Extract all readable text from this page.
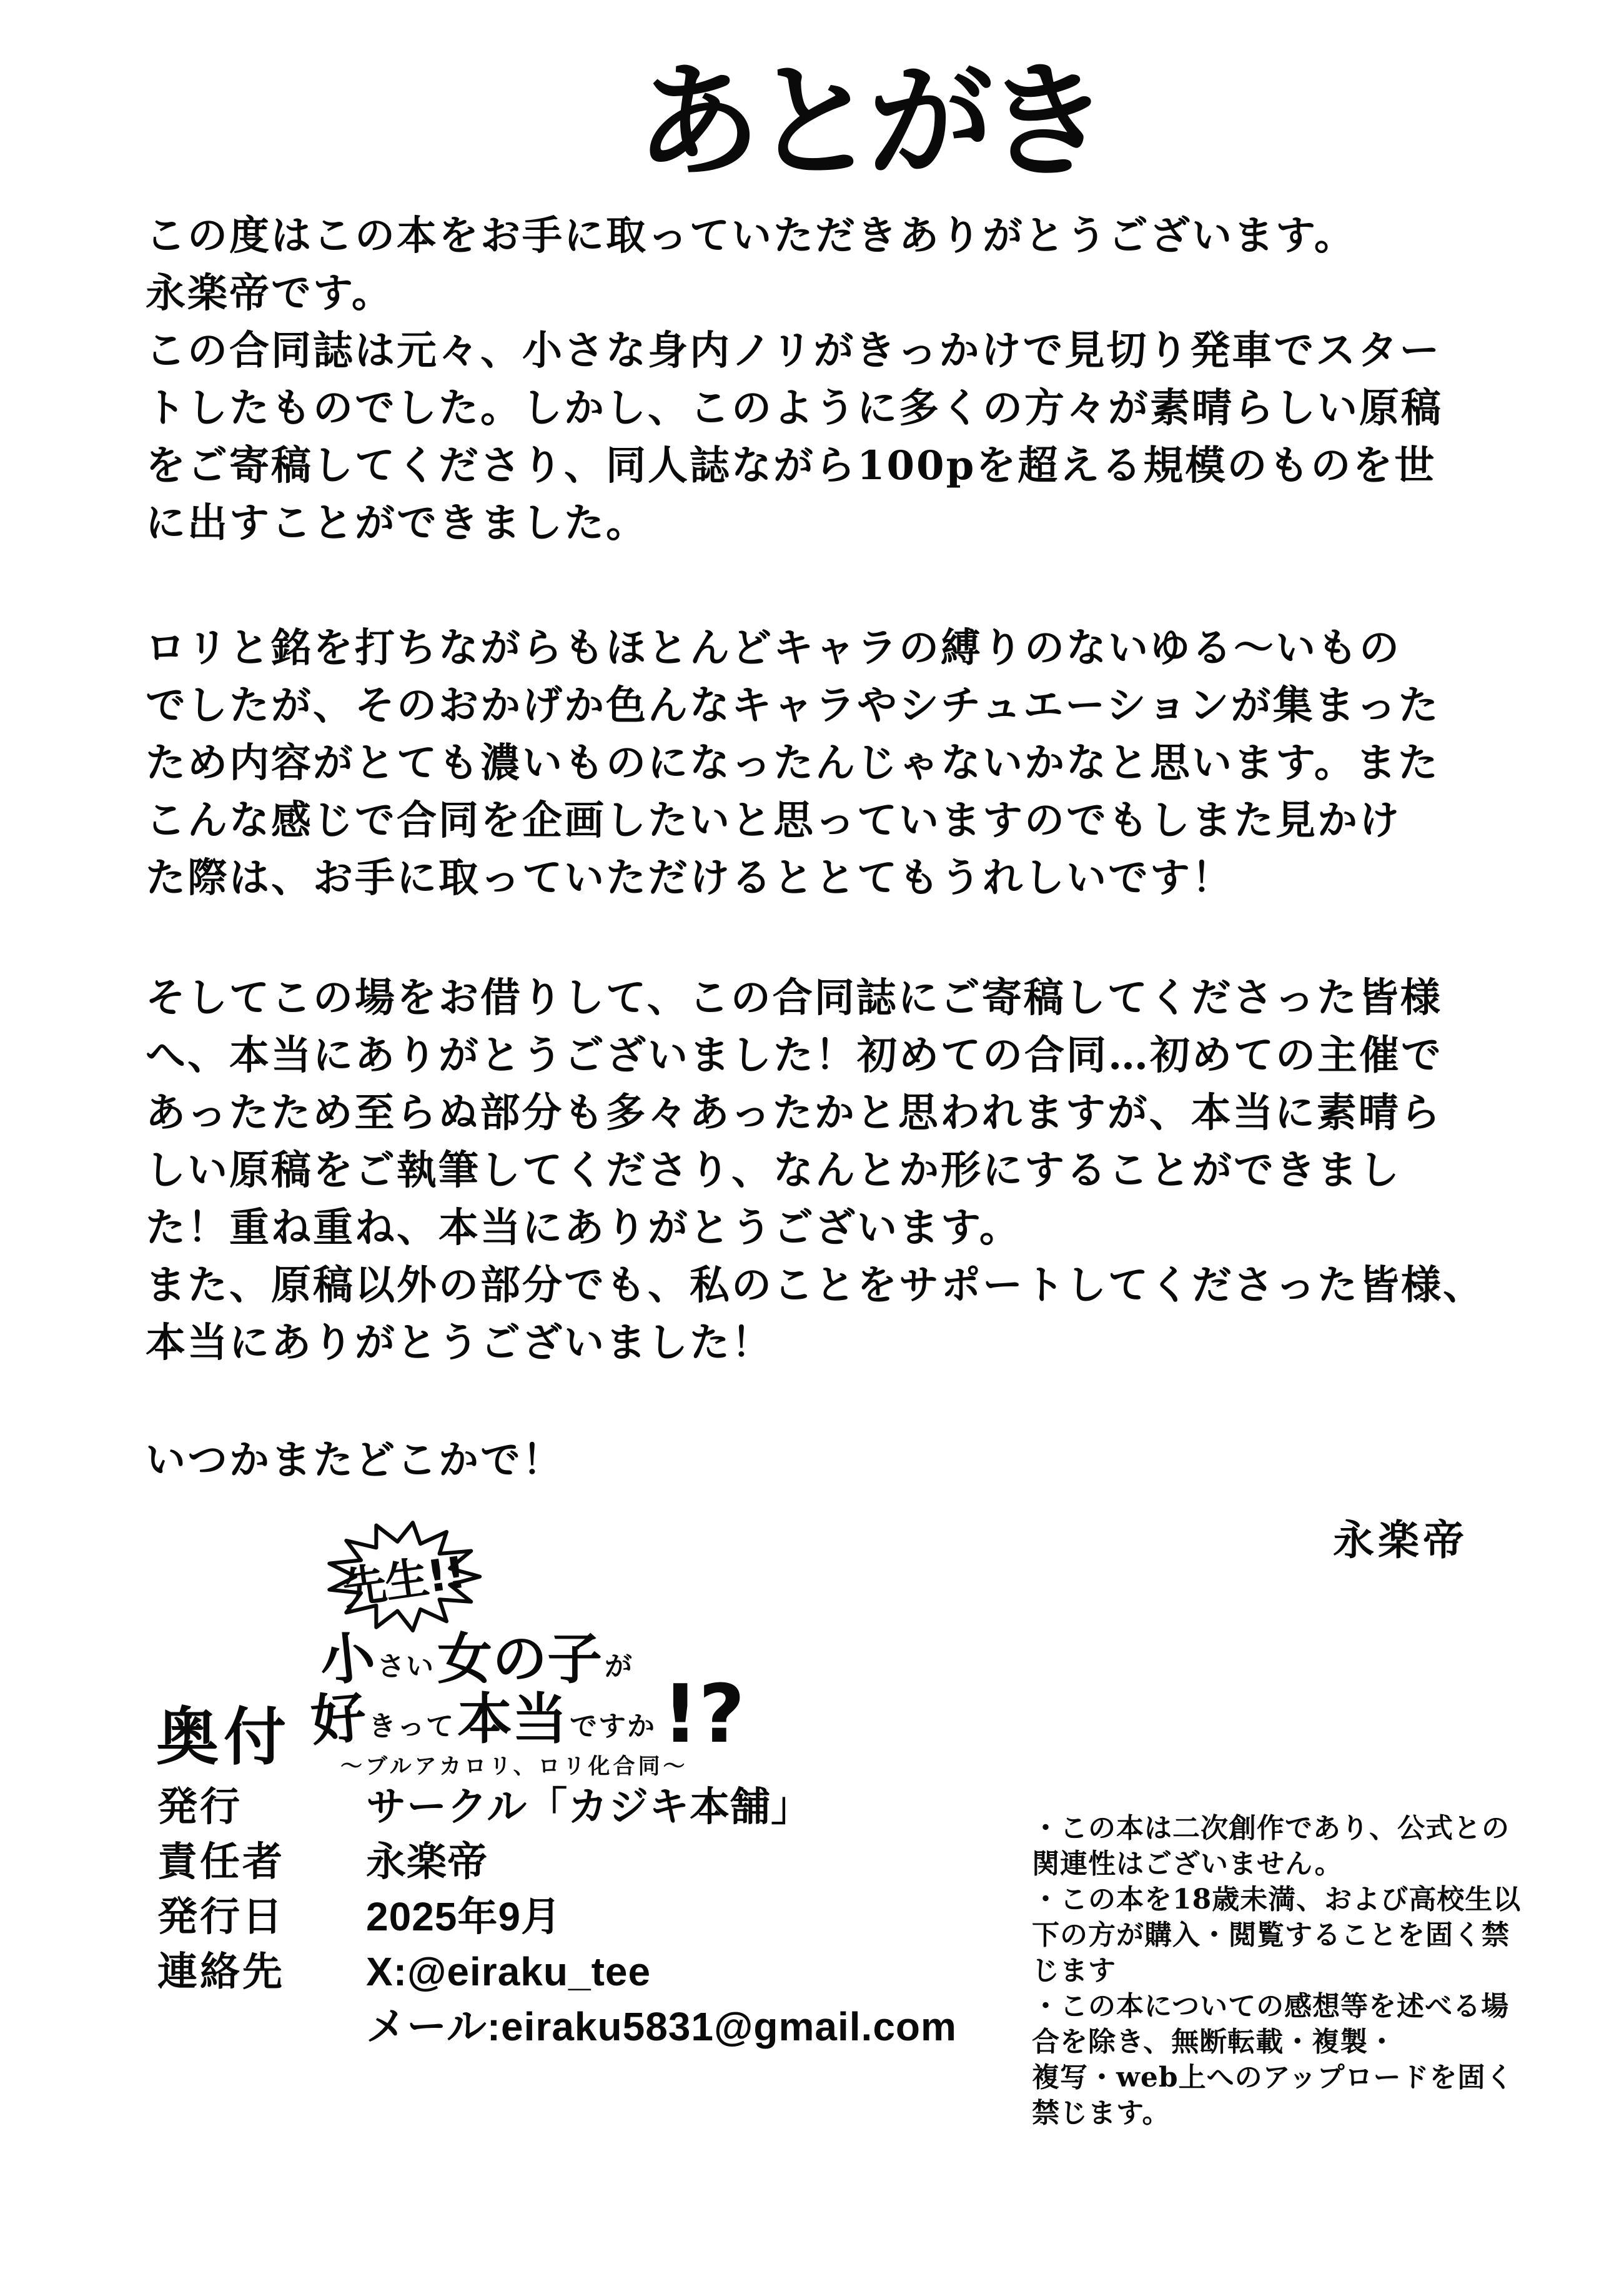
あとがき
この度はこの本をお手に取っていただきありがとうございます。
永楽帝です。
この合同誌は元々、小さな身内ノリがきっかけで見切り発車でスター
トしたものでした。しかし、このように多くの方々が素晴らしい原稿
をご寄稿してくださり、同人誌ながら100pを超える規模のものを世
に出すことができました。
ロリと銘を打ちながらもほとんどキャラの縛りのないゆる～いもの
でしたが、そのおかげか色んなキャラやシチュエーションが集まった
ため内容がとても濃いものになったんじゃないかなと思います。また
こんな感じで合同を企画したいと思っていますのでもしまた見かけ
た際は、お手に取っていただけるととてもうれしいです！
そしてこの場をお借りして、この合同誌にご寄稿してくださった皆様
へ、本当にありがとうございました！初めての合同…初めての主催で
あったため至らぬ部分も多々あったかと思われますが、本当に素晴ら
しい原稿をご執筆してくださり、なんとか形にすることができまし
た！重ね重ね、本当にありがとうございます。
また、原稿以外の部分でも、私のことをサポートしてくださった皆様、
本当にありがとうございました！
いつかまたどこかで！
永楽帝
奥付
先生!!
小
さい 女の子 が
好 きって 本当 ですか !?
～ブルアカロリ、ロリ化合同～
発行	サークル「カジキ本舗」
責任者	永楽帝
発行日	2025年9月
連絡先	X:@eiraku_tee
メール:eiraku5831@gmail.com
・この本は二次創作であり、公式との
関連性はございません。
・この本を18歳未満、および高校生以
下の方が購入・閲覧することを固く禁
じます
・この本についての感想等を述べる場
合を除き、無断転載・複製・
複写・web上へのアップロードを固く
禁じます。
